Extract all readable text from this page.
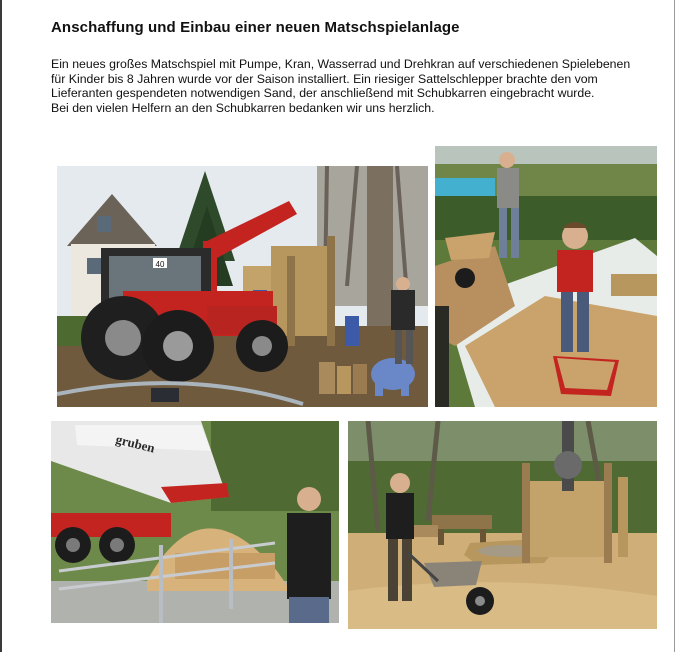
Anschaffung und Einbau einer neuen Matschspielanlage

Ein neues großes Matschspiel mit Pumpe, Kran, Wasserrad und Drehkran auf verschiedenen Spielebenen

für Kinder bis 8 Jahren wurde vor der Saison installiert. Ein riesiger Sattelschlepper brachte den vom

Lieferanten gespendeten notwendigen Sand, der anschließend mit Schubkarren eingebracht wurde.

Bei den vielen Helfern an den Schubkarren bedanken wir uns herzlich.

40
gruben
